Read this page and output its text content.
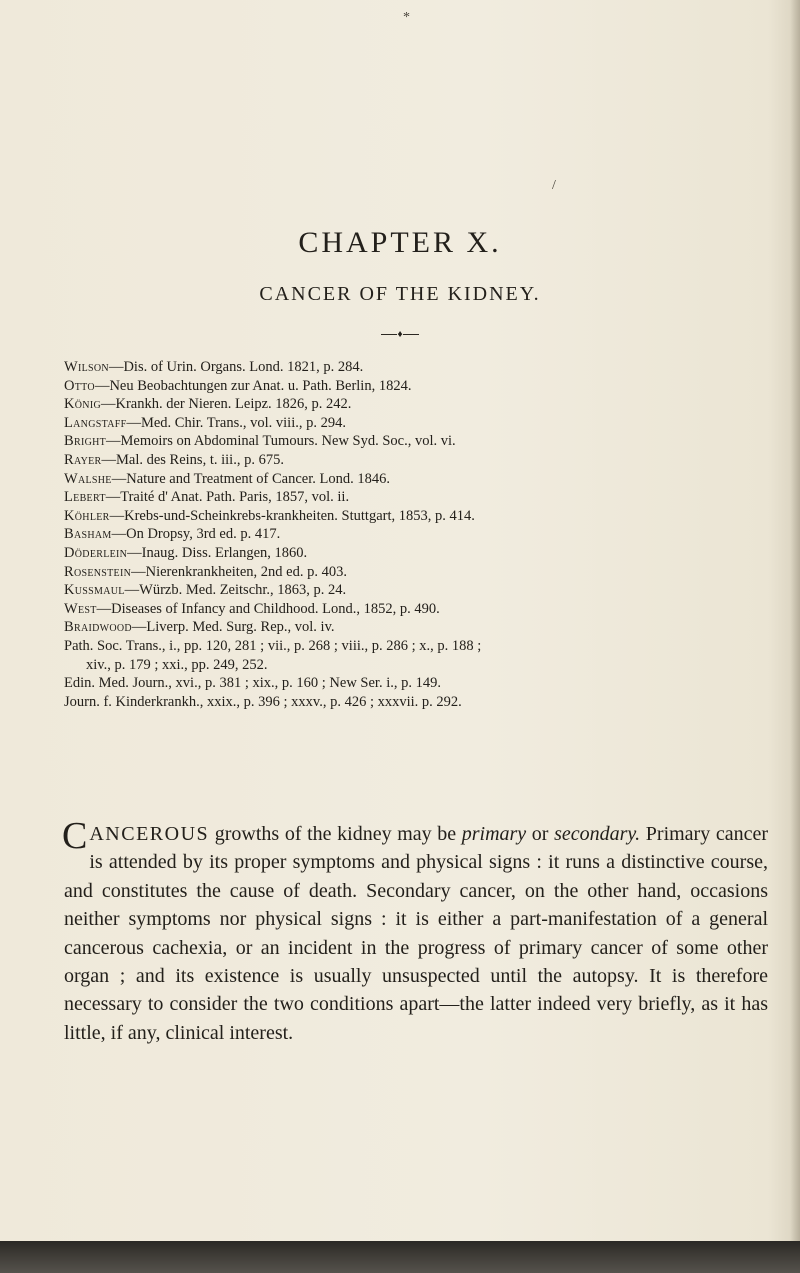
*
/
CHAPTER X.
CANCER OF THE KIDNEY.
♦
Wilson—Dis. of Urin. Organs. Lond. 1821, p. 284.
Otto—Neu Beobachtungen zur Anat. u. Path. Berlin, 1824.
König—Krankh. der Nieren. Leipz. 1826, p. 242.
Langstaff—Med. Chir. Trans., vol. viii., p. 294.
Bright—Memoirs on Abdominal Tumours. New Syd. Soc., vol. vi.
Rayer—Mal. des Reins, t. iii., p. 675.
Walshe—Nature and Treatment of Cancer. Lond. 1846.
Lebert—Traité d' Anat. Path. Paris, 1857, vol. ii.
Köhler—Krebs-und-Scheinkrebs-krankheiten. Stuttgart, 1853, p. 414.
Basham—On Dropsy, 3rd ed. p. 417.
Döderlein—Inaug. Diss. Erlangen, 1860.
Rosenstein—Nierenkrankheiten, 2nd ed. p. 403.
Kussmaul—Würzb. Med. Zeitschr., 1863, p. 24.
West—Diseases of Infancy and Childhood. Lond., 1852, p. 490.
Braidwood—Liverp. Med. Surg. Rep., vol. iv.
Path. Soc. Trans., i., pp. 120, 281 ; vii., p. 268 ; viii., p. 286 ; x., p. 188 ;
xiv., p. 179 ; xxi., pp. 249, 252.
Edin. Med. Journ., xvi., p. 381 ; xix., p. 160 ; New Ser. i., p. 149.
Journ. f. Kinderkrankh., xxix., p. 396 ; xxxv., p. 426 ; xxxvii. p. 292.
CANCEROUS growths of the kidney may be primary or secondary. Primary cancer is attended by its proper symptoms and physical signs : it runs a distinctive course, and constitutes the cause of death. Secondary cancer, on the other hand, occasions neither symptoms nor physical signs : it is either a part-manifestation of a general cancerous cachexia, or an incident in the progress of primary cancer of some other organ ; and its existence is usually unsuspected until the autopsy. It is therefore necessary to consider the two conditions apart—the latter indeed very briefly, as it has little, if any, clinical interest.
